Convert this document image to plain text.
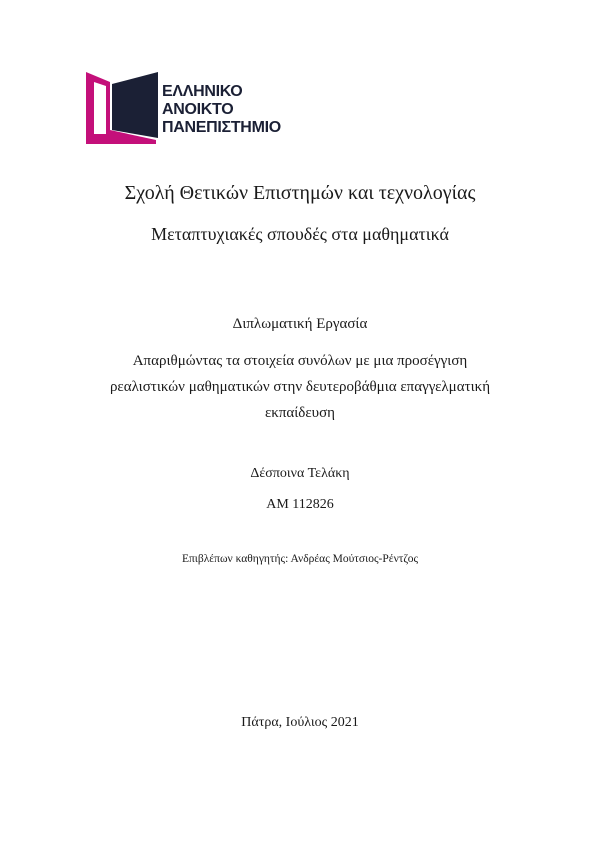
ΕΛΛΗΝΙΚΟ
ΑΝΟΙΚΤΟ
ΠΑΝΕΠΙΣΤΗΜΙΟ
Σχολή Θετικών Επιστημών και τεχνολογίας
Μεταπτυχιακές σπουδές στα μαθηματικά
Διπλωματική Εργασία
Απαριθμώντας τα στοιχεία συνόλων με μια προσέγγιση
ρεαλιστικών μαθηματικών στην δευτεροβάθμια επαγγελματική
εκπαίδευση
Δέσποινα Τελάκη
ΑΜ 112826
Επιβλέπων καθηγητής: Ανδρέας Μούτσιος-Ρέντζος
Πάτρα, Ιούλιος 2021
